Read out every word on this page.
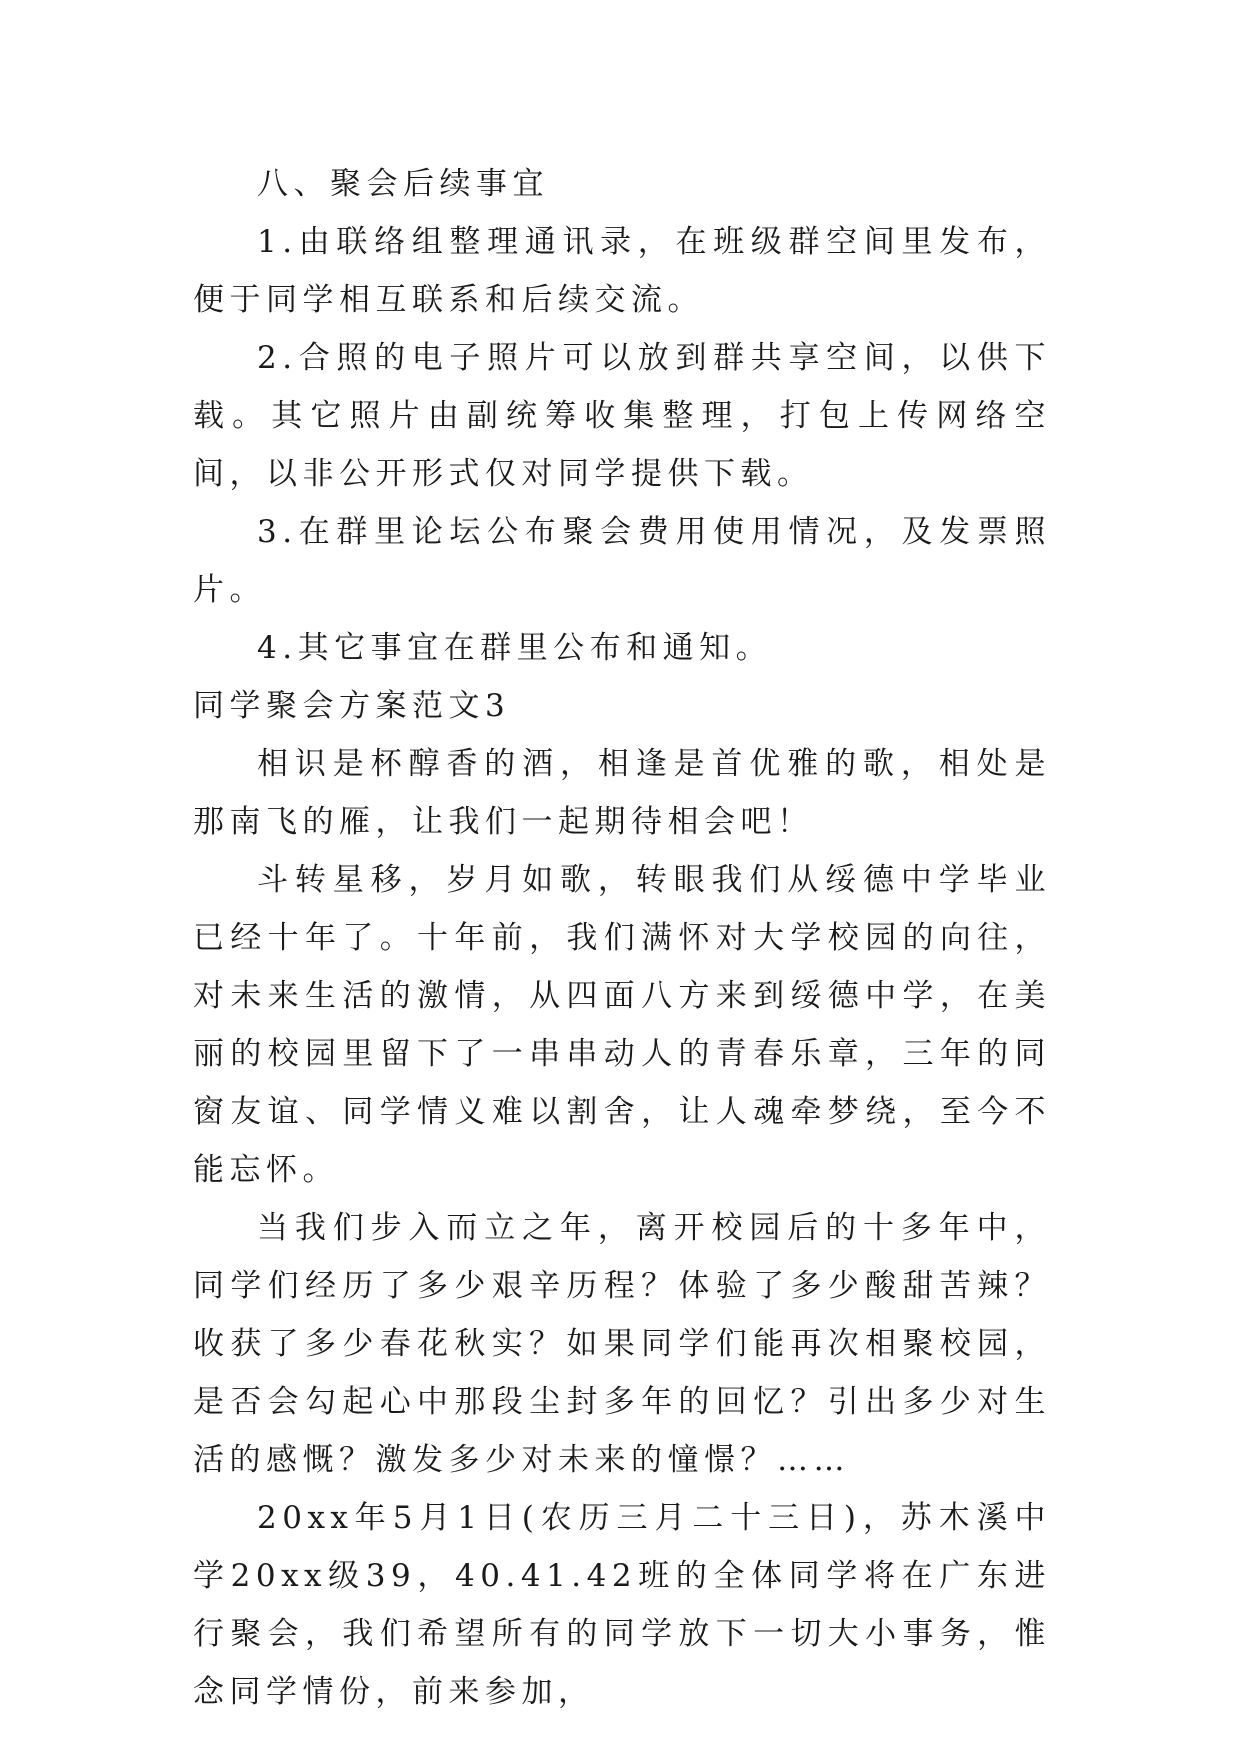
八、聚会后续事宜

1.由联络组整理通讯录，在班级群空间里发布，便于同学相互联系和后续交流。

2.合照的电子照片可以放到群共享空间，以供下载。其它照片由副统筹收集整理，打包上传网络空间，以非公开形式仅对同学提供下载。

3.在群里论坛公布聚会费用使用情况，及发票照片。

4.其它事宜在群里公布和通知。

同学聚会方案范文3

相识是杯醇香的酒，相逢是首优雅的歌，相处是那南飞的雁，让我们一起期待相会吧！

斗转星移，岁月如歌，转眼我们从绥德中学毕业已经十年了。十年前，我们满怀对大学校园的向往，对未来生活的激情，从四面八方来到绥德中学，在美丽的校园里留下了一串串动人的青春乐章，三年的同窗友谊、同学情义难以割舍，让人魂牵梦绕，至今不能忘怀。

当我们步入而立之年，离开校园后的十多年中，同学们经历了多少艰辛历程？体验了多少酸甜苦辣？收获了多少春花秋实？如果同学们能再次相聚校园，是否会勾起心中那段尘封多年的回忆？引出多少对生活的感慨？激发多少对未来的憧憬？……

20xx年5月1日(农历三月二十三日)，苏木溪中学20xx级39，40.41.42班的全体同学将在广东进行聚会，我们希望所有的同学放下一切大小事务，惟念同学情份，前来参加，
